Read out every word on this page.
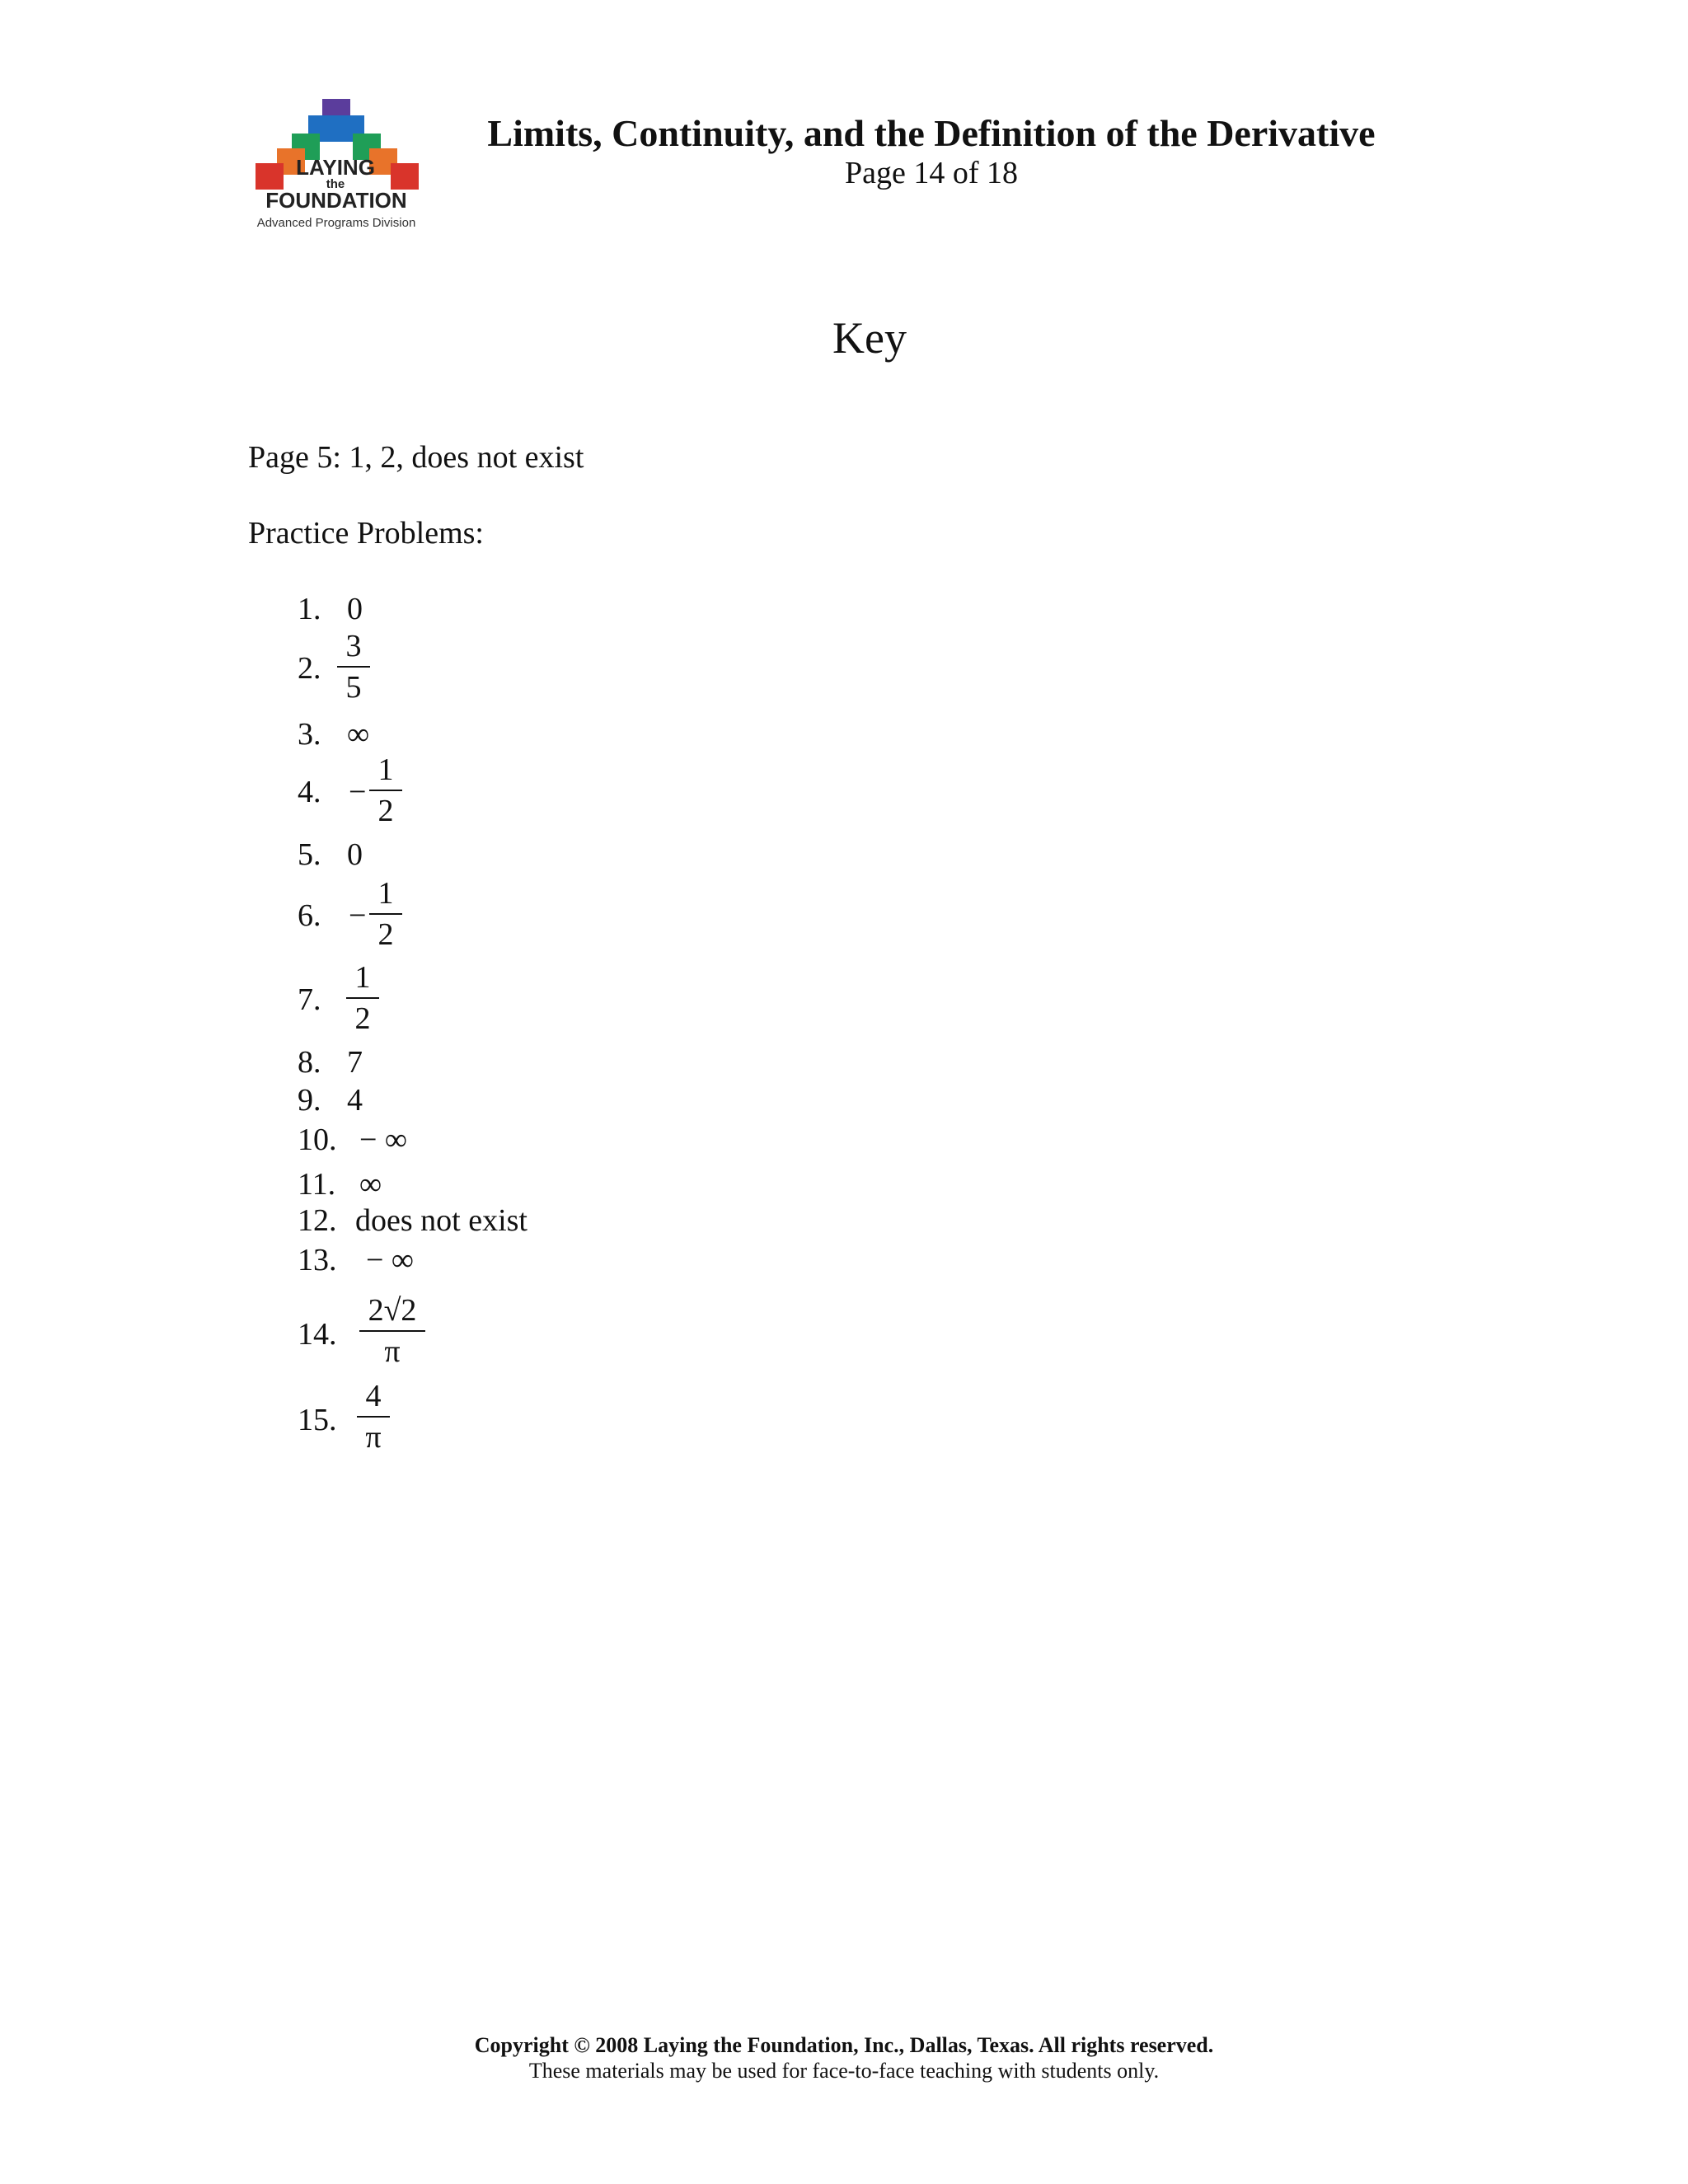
LAYING
the
FOUNDATION
Advanced Programs Division
Limits, Continuity, and the Definition of the Derivative
Page 14 of 18
Key
Page 5: 1, 2, does not exist
Practice Problems:
1. 0
2.
3
5
3. ∞
4. −
1
2
5. 0
6. −
1
2
7.
1
2
8. 7
9. 4
10. − ∞
11. ∞
12. does not exist
13. − ∞
14.
2√2
π
15.
4
π
Copyright © 2008 Laying the Foundation, Inc., Dallas, Texas. All rights reserved.
These materials may be used for face-to-face teaching with students only.
